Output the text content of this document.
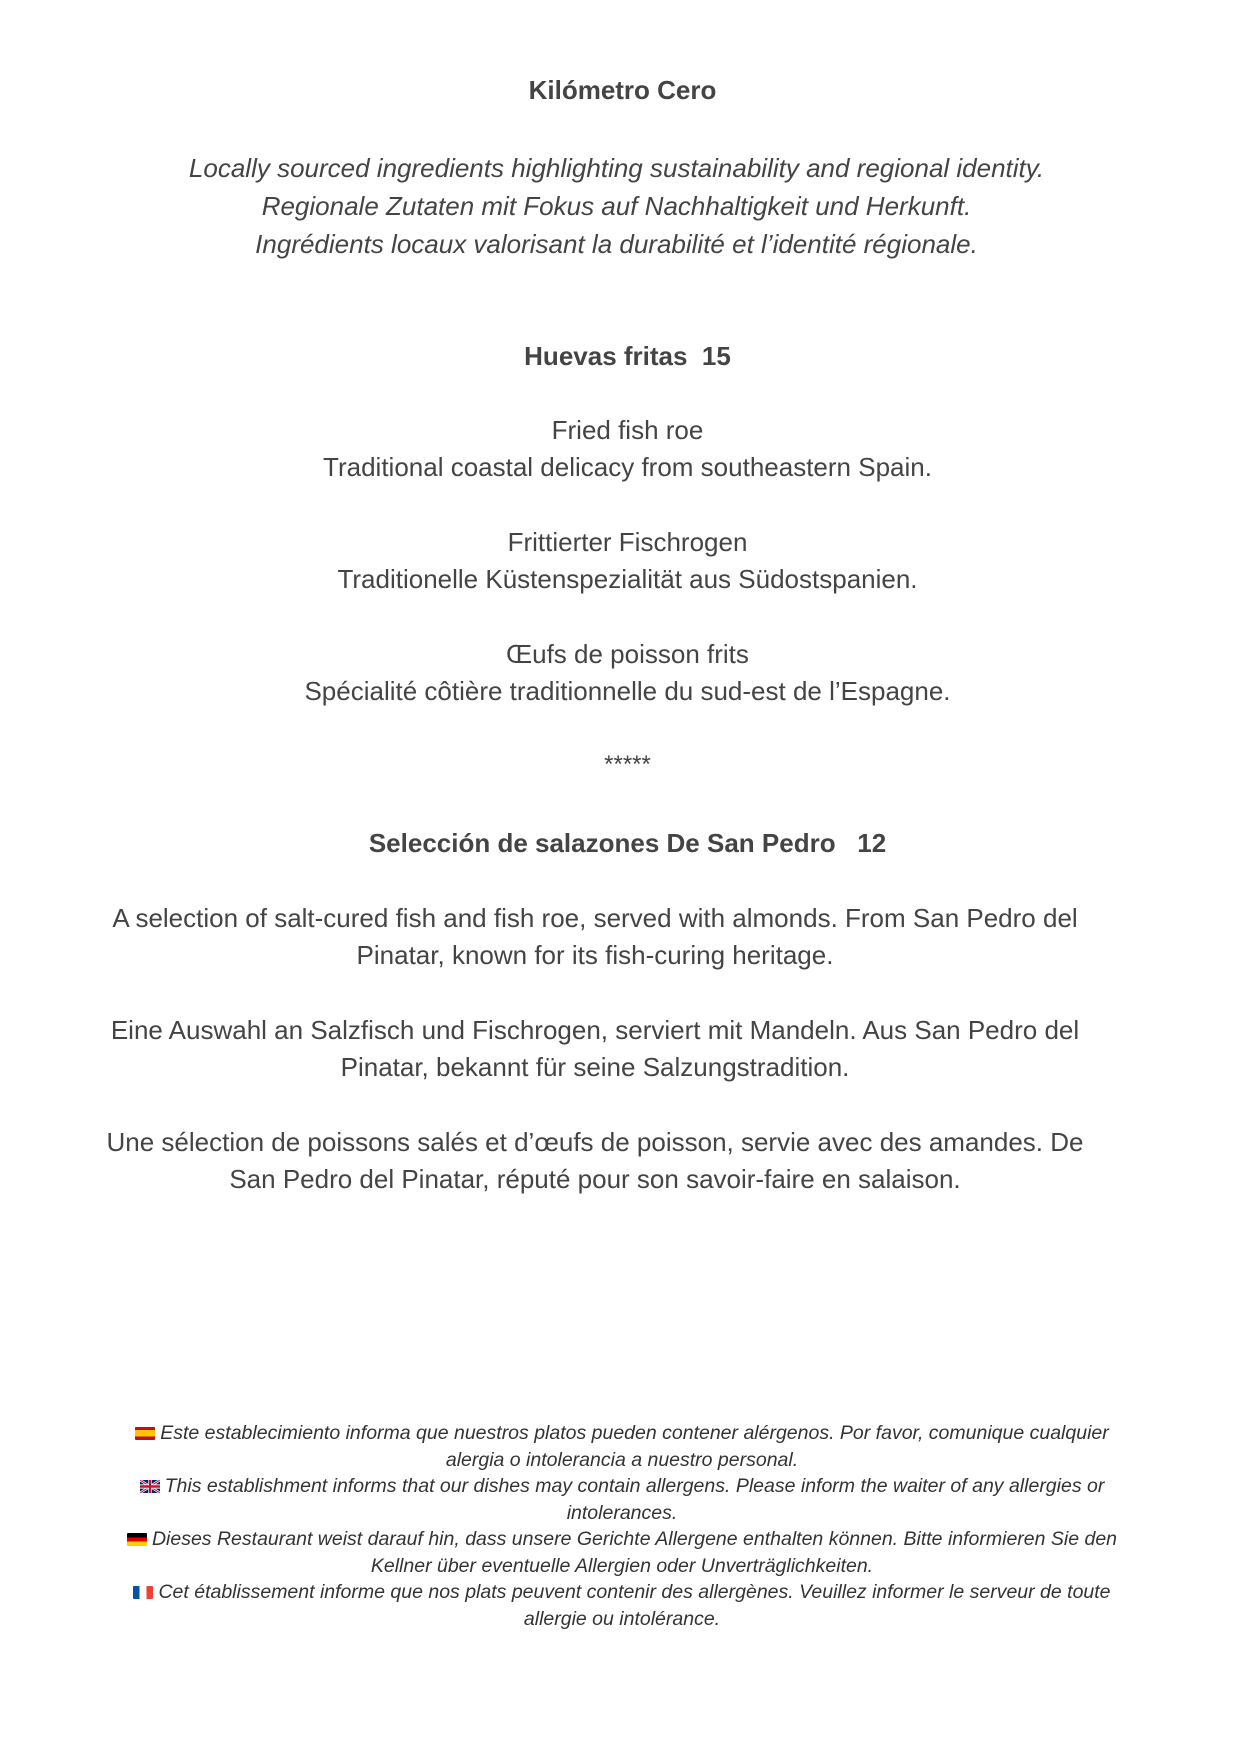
Kilómetro Cero
Locally sourced ingredients highlighting sustainability and regional identity.
Regionale Zutaten mit Fokus auf Nachhaltigkeit und Herkunft.
Ingrédients locaux valorisant la durabilité et l’identité régionale.
Huevas fritas 15
Fried fish roe
Traditional coastal delicacy from southeastern Spain.
Frittierter Fischrogen
Traditionelle Küstenspezialität aus Südostspanien.
Œufs de poisson frits
Spécialité côtière traditionnelle du sud-est de l’Espagne.
*****
Selección de salazones De San Pedro 12

A selection of salt-cured fish and fish roe, served with almonds. From San Pedro del Pinatar, known for its fish-curing heritage.

Eine Auswahl an Salzfisch und Fischrogen, serviert mit Mandeln. Aus San Pedro del Pinatar, bekannt für seine Salzungstradition.

Une sélection de poissons salés et d’œufs de poisson, servie avec des amandes. De San Pedro del Pinatar, réputé pour son savoir-faire en salaison.

Este establecimiento informa que nuestros platos pueden contener alérgenos. Por favor, comunique cualquier alergia o intolerancia a nuestro personal.

This establishment informs that our dishes may contain allergens. Please inform the waiter of any allergies or intolerances.

Dieses Restaurant weist darauf hin, dass unsere Gerichte Allergene enthalten können. Bitte informieren Sie den Kellner über eventuelle Allergien oder Unverträglichkeiten.

Cet établissement informe que nos plats peuvent contenir des allergènes. Veuillez informer le serveur de toute allergie ou intolérance.
